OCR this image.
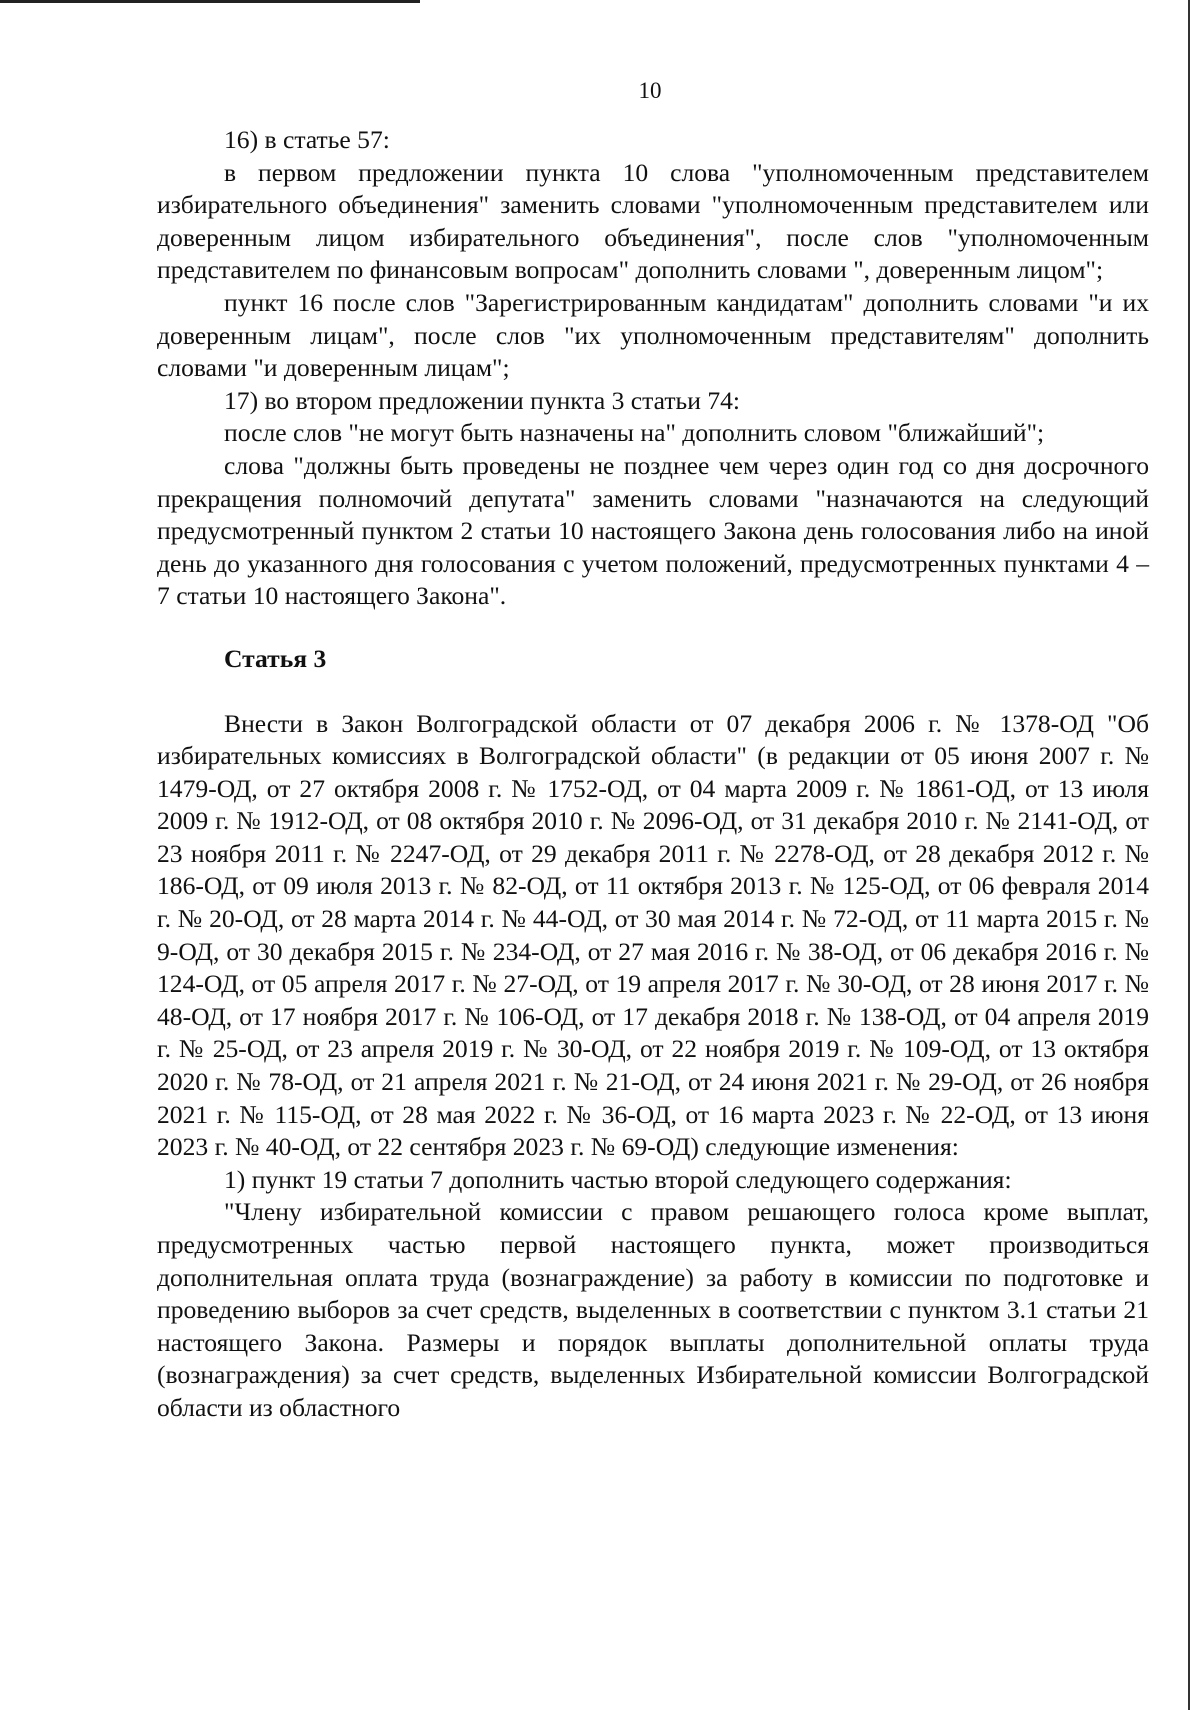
10

16) в статье 57:

в первом предложении пункта 10 слова "уполномоченным представителем избирательного объединения" заменить словами "уполномоченным представителем или доверенным лицом избирательного объединения", после слов "уполномоченным представителем по финансовым вопросам" дополнить словами ", доверенным лицом";

пункт 16 после слов "Зарегистрированным кандидатам" дополнить словами "и их доверенным лицам", после слов "их уполномоченным представителям" дополнить словами "и доверенным лицам";

17) во втором предложении пункта 3 статьи 74:

после слов "не могут быть назначены на" дополнить словом "ближайший";

слова "должны быть проведены не позднее чем через один год со дня досрочного прекращения полномочий депутата" заменить словами "назначаются на следующий предусмотренный пунктом 2 статьи 10 настоящего Закона день голосования либо на иной день до указанного дня голосования с учетом положений, предусмотренных пунктами 4 – 7 статьи 10 настоящего Закона".

Статья 3

Внести в Закон Волгоградской области от 07 декабря 2006 г. № 1378-ОД "Об избирательных комиссиях в Волгоградской области" (в редакции от 05 июня 2007 г. № 1479-ОД, от 27 октября 2008 г. № 1752-ОД, от 04 марта 2009 г. № 1861-ОД, от 13 июля 2009 г. № 1912-ОД, от 08 октября 2010 г. № 2096-ОД, от 31 декабря 2010 г. № 2141-ОД, от 23 ноября 2011 г. № 2247-ОД, от 29 декабря 2011 г. № 2278-ОД, от 28 декабря 2012 г. № 186-ОД, от 09 июля 2013 г. № 82-ОД, от 11 октября 2013 г. № 125-ОД, от 06 февраля 2014 г. № 20-ОД, от 28 марта 2014 г. № 44-ОД, от 30 мая 2014 г. № 72-ОД, от 11 марта 2015 г. № 9-ОД, от 30 декабря 2015 г. № 234-ОД, от 27 мая 2016 г. № 38-ОД, от 06 декабря 2016 г. № 124-ОД, от 05 апреля 2017 г. № 27-ОД, от 19 апреля 2017 г. № 30-ОД, от 28 июня 2017 г. № 48-ОД, от 17 ноября 2017 г. № 106-ОД, от 17 декабря 2018 г. № 138-ОД, от 04 апреля 2019 г. № 25-ОД, от 23 апреля 2019 г. № 30-ОД, от 22 ноября 2019 г. № 109-ОД, от 13 октября 2020 г. № 78-ОД, от 21 апреля 2021 г. № 21-ОД, от 24 июня 2021 г. № 29-ОД, от 26 ноября 2021 г. № 115-ОД, от 28 мая 2022 г. № 36-ОД, от 16 марта 2023 г. № 22-ОД, от 13 июня 2023 г. № 40-ОД, от 22 сентября 2023 г. № 69-ОД) следующие изменения:

1) пункт 19 статьи 7 дополнить частью второй следующего содержания:

"Члену избирательной комиссии с правом решающего голоса кроме выплат, предусмотренных частью первой настоящего пункта, может производиться дополнительная оплата труда (вознаграждение) за работу в комиссии по подготовке и проведению выборов за счет средств, выделенных в соответствии с пунктом 3.1 статьи 21 настоящего Закона. Размеры и порядок выплаты дополнительной оплаты труда (вознаграждения) за счет средств, выделенных Избирательной комиссии Волгоградской области из областного
